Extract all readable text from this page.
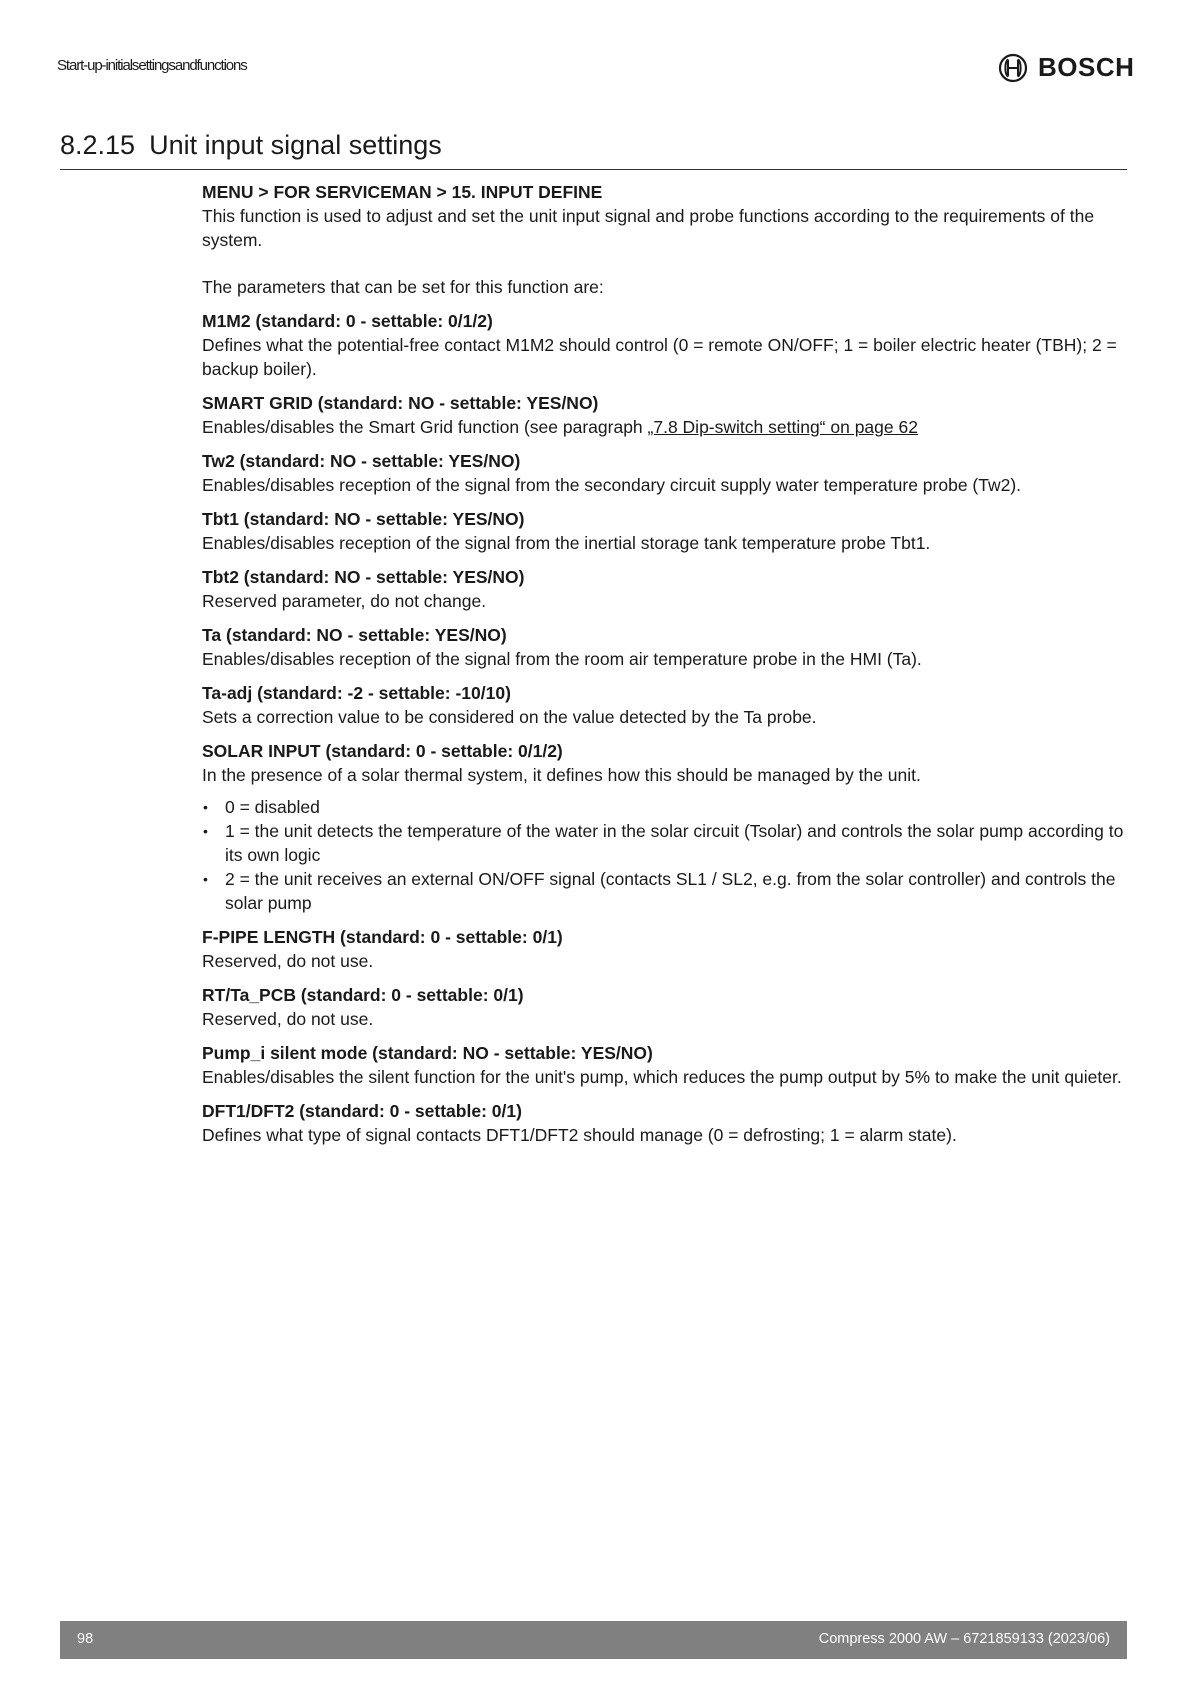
Start-up-initialsettingsandfunctions	BOSCH
8.2.15 Unit input signal settings

MENU > FOR SERVICEMAN > 15. INPUT DEFINE

This function is used to adjust and set the unit input signal and probe functions according to the requirements of the system.

The parameters that can be set for this function are:

M1M2 (standard: 0 - settable: 0/1/2)

Defines what the potential-free contact M1M2 should control (0 = remote ON/OFF; 1 = boiler electric heater (TBH); 2 = backup boiler).

SMART GRID (standard: NO - settable: YES/NO)

Enables/disables the Smart Grid function (see paragraph „7.8 Dip-switch setting“ on page 62

Tw2 (standard: NO - settable: YES/NO)

Enables/disables reception of the signal from the secondary circuit supply water temperature probe (Tw2).

Tbt1 (standard: NO - settable: YES/NO)

Enables/disables reception of the signal from the inertial storage tank temperature probe Tbt1.

Tbt2 (standard: NO - settable: YES/NO)

Reserved parameter, do not change.

Ta (standard: NO - settable: YES/NO)

Enables/disables reception of the signal from the room air temperature probe in the HMI (Ta).

Ta-adj (standard: -2 - settable: -10/10)

Sets a correction value to be considered on the value detected by the Ta probe.

SOLAR INPUT (standard: 0 - settable: 0/1/2)

In the presence of a solar thermal system, it defines how this should be managed by the unit.

• 0 = disabled
• 1 = the unit detects the temperature of the water in the solar circuit (Tsolar) and controls the solar pump according to its own logic
• 2 = the unit receives an external ON/OFF signal (contacts SL1 / SL2, e.g. from the solar controller) and controls the solar pump

F-PIPE LENGTH (standard: 0 - settable: 0/1)

Reserved, do not use.

RT/Ta_PCB (standard: 0 - settable: 0/1)

Reserved, do not use.

Pump_i silent mode (standard: NO - settable: YES/NO)

Enables/disables the silent function for the unit's pump, which reduces the pump output by 5% to make the unit quieter.

DFT1/DFT2 (standard: 0 - settable: 0/1)

Defines what type of signal contacts DFT1/DFT2 should manage (0 = defrosting; 1 = alarm state).

98	Compress 2000 AW – 6721859133 (2023/06)
